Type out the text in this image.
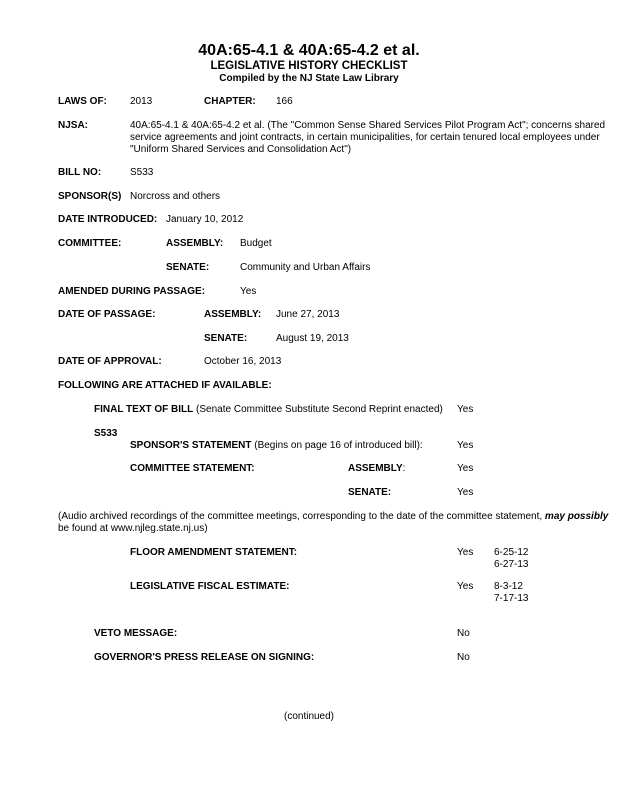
40A:65-4.1 & 40A:65-4.2 et al.
LEGISLATIVE HISTORY CHECKLIST
Compiled by the NJ State Law Library
LAWS OF: 2013	CHAPTER: 166
NJSA:	40A:65-4.1 & 40A:65-4.2 et al. (The "Common Sense Shared Services Pilot Program Act"; concerns shared
service agreements and joint contracts, in certain municipalities, for certain tenured local employees under
"Uniform Shared Services and Consolidation Act")
BILL NO:	S533
SPONSOR(S) Norcross and others
DATE INTRODUCED: January 10, 2012
COMMITTEE:	ASSEMBLY: Budget
SENATE:	Community and Urban Affairs
AMENDED DURING PASSAGE:	Yes
DATE OF PASSAGE:	ASSEMBLY: June 27, 2013
SENATE:	August 19, 2013
DATE OF APPROVAL:	October 16, 2013
FOLLOWING ARE ATTACHED IF AVAILABLE:
FINAL TEXT OF BILL (Senate Committee Substitute Second Reprint enacted) Yes
S533
SPONSOR'S STATEMENT (Begins on page 16 of introduced bill):	Yes
COMMITTEE STATEMENT:	ASSEMBLY:	Yes
SENATE:	Yes
(Audio archived recordings of the committee meetings, corresponding to the date of the committee statement, may possibly
be found at www.njleg.state.nj.us)
FLOOR AMENDMENT STATEMENT:	Yes 6-25-12
6-27-13
LEGISLATIVE FISCAL ESTIMATE:	Yes 8-3-12
7-17-13
VETO MESSAGE:	No
GOVERNOR'S PRESS RELEASE ON SIGNING:	No
(continued)
